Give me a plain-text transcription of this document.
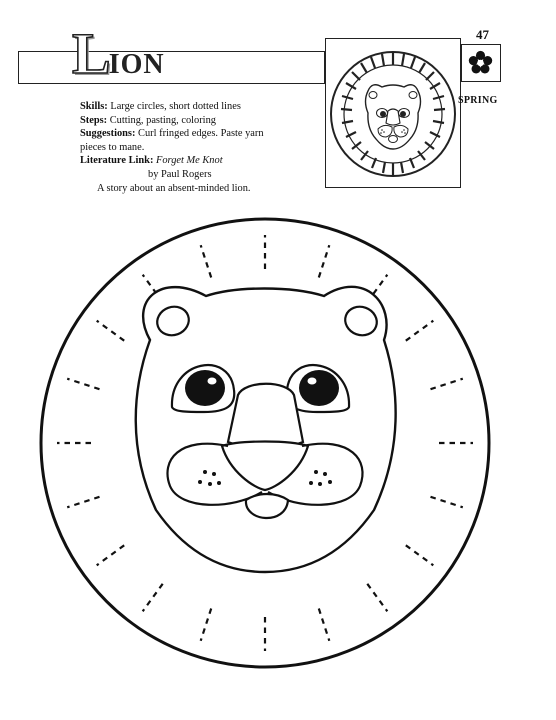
47
LION
SPRING
Skills: Large circles, short dotted lines
Steps: Cutting, pasting, coloring
Suggestions: Curl fringed edges. Paste yarn
pieces to mane.
Literature Link: Forget Me Knot
by Paul Rogers
A story about an absent-minded lion.
